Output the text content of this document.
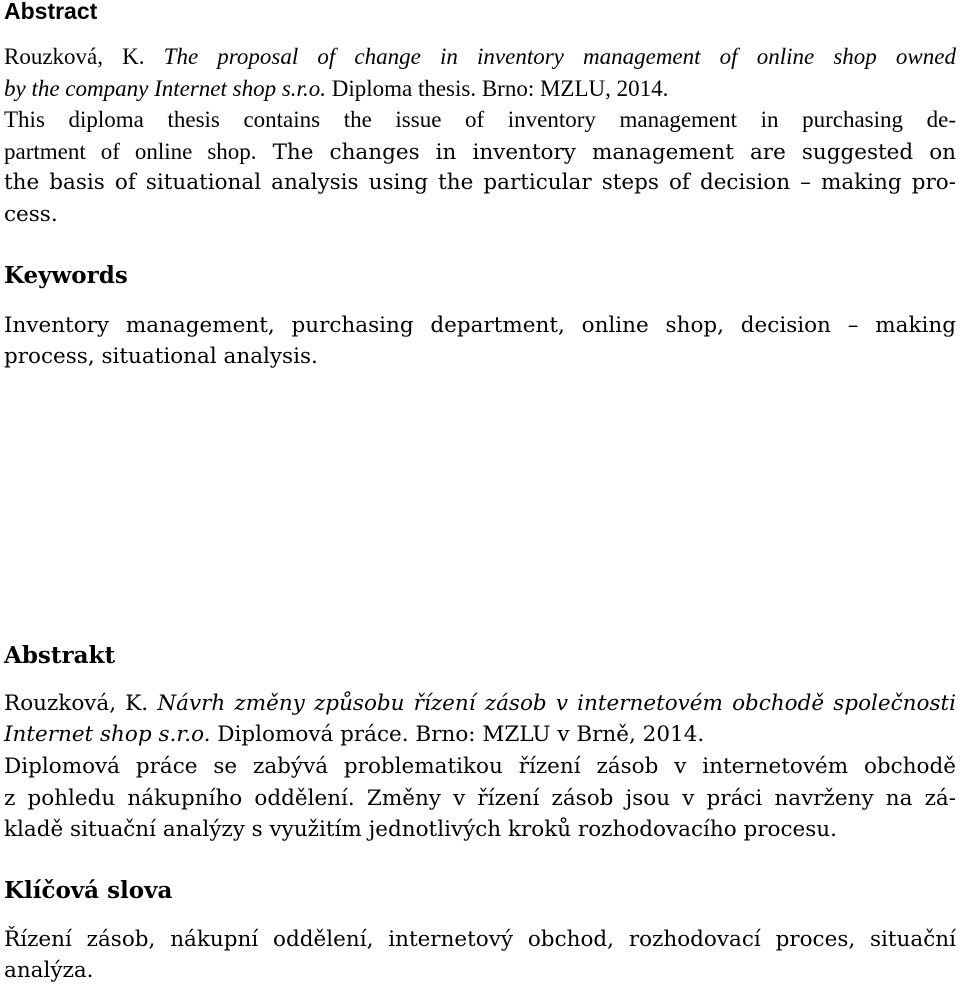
Abstract
Rouzková, K. The proposal of change in inventory management of online shop owned
by the company Internet shop s.r.o. Diploma thesis. Brno: MZLU, 2014.
This diploma thesis contains the issue of inventory management in purchasing de-
partment of online shop. The changes in inventory management are suggested on
the basis of situational analysis using the particular steps of decision – making pro-
cess.
Keywords
Inventory management, purchasing department, online shop, decision – making
process, situational analysis.
Abstrakt
Rouzková, K. Návrh změny způsobu řízení zásob v internetovém obchodě společnosti
Internet shop s.r.o. Diplomová práce. Brno: MZLU v Brně, 2014.
Diplomová práce se zabývá problematikou řízení zásob v internetovém obchodě
z pohledu nákupního oddělení. Změny v řízení zásob jsou v práci navrženy na zá-
kladě situační analýzy s využitím jednotlivých kroků rozhodovacího procesu.
Klíčová slova
Řízení zásob, nákupní oddělení, internetový obchod, rozhodovací proces, situační
analýza.
